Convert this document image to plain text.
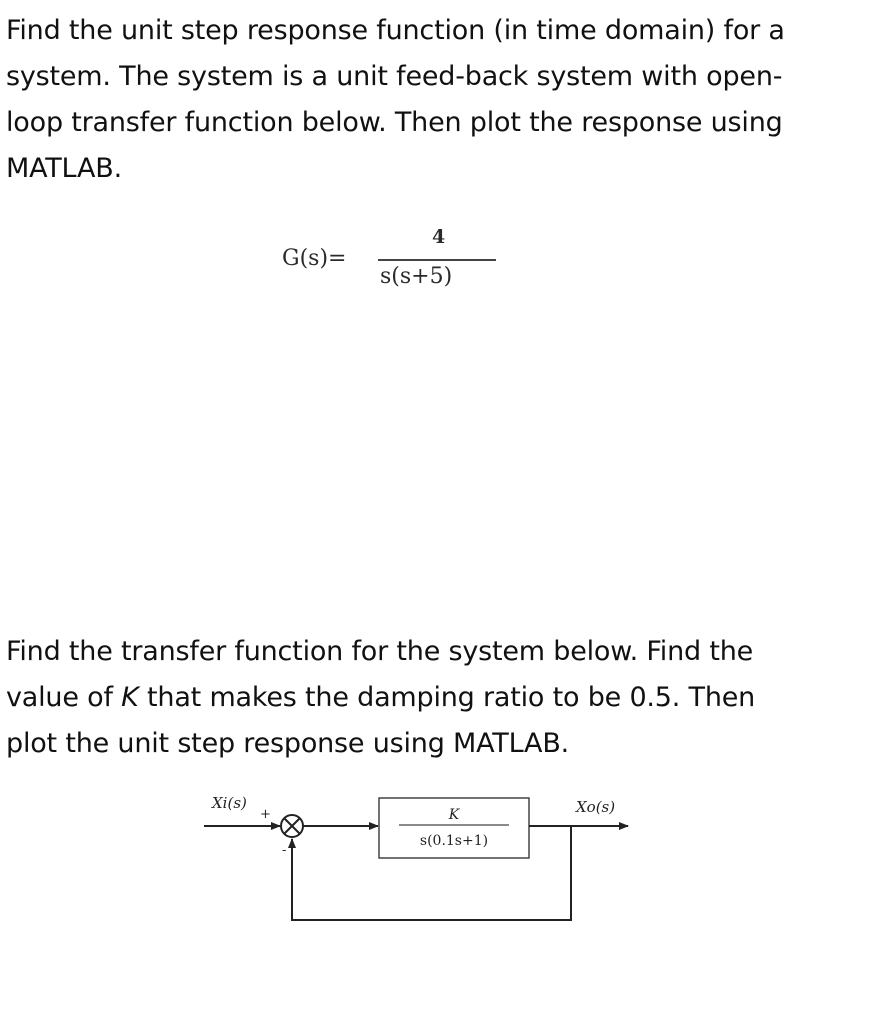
Find the unit step response function (in time domain) for a
system. The system is a unit feed-back system with open-
loop transfer function below. Then plot the response using
MATLAB.
G(s)=
4
s(s+5)
Find the transfer function for the system below. Find the
value of K that makes the damping ratio to be 0.5. Then
plot the unit step response using MATLAB.
Xi(s)
+
-
K
s(0.1s+1)
Xo(s)
